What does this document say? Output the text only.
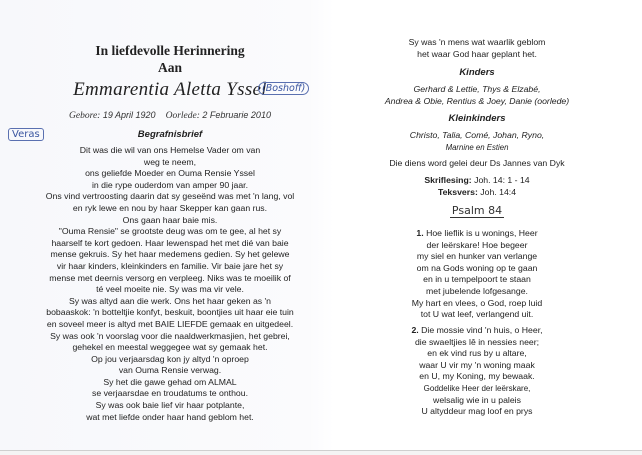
In liefdevolle Herinnering
Aan
Emmarentia Aletta Yssel
(Boshoff)
Gebore: 19 April 1920 Oorlede: 2 Februarie 2010
Veras	Begrafnisbrief
Dit was die wil van ons Hemelse Vader om van
weg te neem,
ons geliefde Moeder en Ouma Rensie Yssel
in die rype ouderdom van amper 90 jaar.
Ons vind vertroosting daarin dat sy geseënd was met 'n lang, vol
en ryk lewe en nou by haar Skepper kan gaan rus.
Ons gaan haar baie mis.
"Ouma Rensie" se grootste deug was om te gee, al het sy
haarself te kort gedoen. Haar lewenspad het met dié van baie
mense gekruis. Sy het haar medemens gedien. Sy het gelewe
vir haar kinders, kleinkinders en familie. Vir baie jare het sy
mense met deernis versorg en verpleeg. Niks was te moeilik of
té veel moeite nie. Sy was ma vir vele.
Sy was altyd aan die werk. Ons het haar geken as 'n
bobaaskok: 'n botteltjie konfyt, beskuit, boontjies uit haar eie tuin
en soveel meer is altyd met BAIE LIEFDE gemaak en uitgedeel.
Sy was ook 'n voorslag voor die naaldwerkmasjien, het gebrei,
gehekel en meestal weggegee wat sy gemaak het.
Op jou verjaarsdag kon jy altyd 'n oproep
van Ouma Rensie verwag.
Sy het die gawe gehad om ALMAL
se verjaarsdae en troudatums te onthou.
Sy was ook baie lief vir haar potplante,
wat met liefde onder haar hand geblom het.
Sy was 'n mens wat waarlik geblom
het waar God haar geplant het.
Kinders
Gerhard & Lettie, Thys & Elzabé,
Andrea & Obie, Rentius & Joey, Danie (oorlede)
Kleinkinders
Christo, Talia, Comé, Johan, Ryno,
Marnine en Estien
Die diens word gelei deur Ds Jannes van Dyk
Skriflesing: Joh. 14: 1 - 14
Teksvers: Joh. 14:4
Psalm 84
1. Hoe lieflik is u wonings, Heer
der leërskare! Hoe begeer
my siel en hunker van verlange
om na Gods woning op te gaan
en in u tempelpoort te staan
met jubelende lofgesange.
My hart en vlees, o God, roep luid
tot U wat leef, verlangend uit.
2. Die mossie vind 'n huis, o Heer,
die swaeltjies lê in nessies neer;
en ek vind rus by u altare,
waar U vir my 'n woning maak
en U, my Koning, my bewaak.
Goddelike Heer der leërskare,
welsalig wie in u paleis
U altyddeur mag loof en prys
